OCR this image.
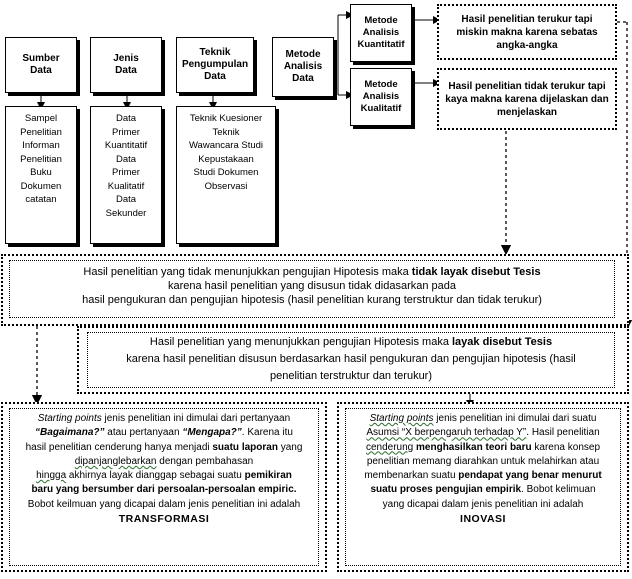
Sumber Data
Jenis Data
Teknik Pengumpulan Data
Metode Analisis Data
Metode Analisis Kuantitatif
Metode Analisis Kualitatif
Hasil penelitian terukur tapi miskin makna karena sebatas angka-angka
Hasil penelitian tidak terukur tapi kaya makna karena dijelaskan dan menjelaskan
Sampel
Penelitian
Informan
Penelitian
Buku
Dokumen
catatan
Data
Primer
Kuantitatif
Data
Primer
Kualitatif
Data
Sekunder
Teknik Kuesioner
Teknik
Wawancara Studi
Kepustakaan
Studi Dokumen
Observasi
Hasil penelitian yang tidak menunjukkan pengujian Hipotesis maka tidak layak disebut Tesis
karena hasil penelitian yang disusun tidak didasarkan pada
hasil pengukuran dan pengujian hipotesis (hasil penelitian kurang terstruktur dan tidak terukur)
Hasil penelitian yang menunjukkan pengujian Hipotesis maka layak disebut Tesis
karena hasil penelitian disusun berdasarkan hasil pengukuran dan pengujian hipotesis (hasil
penelitian terstruktur dan terukur)
Starting points jenis penelitian ini dimulai dari pertanyaan
“Bagaimana?” atau pertanyaan “Mengapa?”. Karena itu
hasil penelitian cenderung hanya menjadi suatu laporan yang
dipanjanglebarkan dengan pembahasan
hingga akhirnya layak dianggap sebagai suatu pemikiran
baru yang bersumber dari persoalan-persoalan empiric.
Bobot keilmuan yang dicapai dalam jenis penelitian ini adalah
TRANSFORMASI
Starting points jenis penelitian ini dimulai dari suatu
Asumsi “X berpengaruh terhadap Y”. Hasil penelitian
cenderung menghasilkan teori baru karena konsep
penelitian memang diarahkan untuk melahirkan atau
membenarkan suatu pendapat yang benar menurut
suatu proses pengujian empirik. Bobot kelimuan
yang dicapai dalam jenis penelitian ini adalah
INOVASI
